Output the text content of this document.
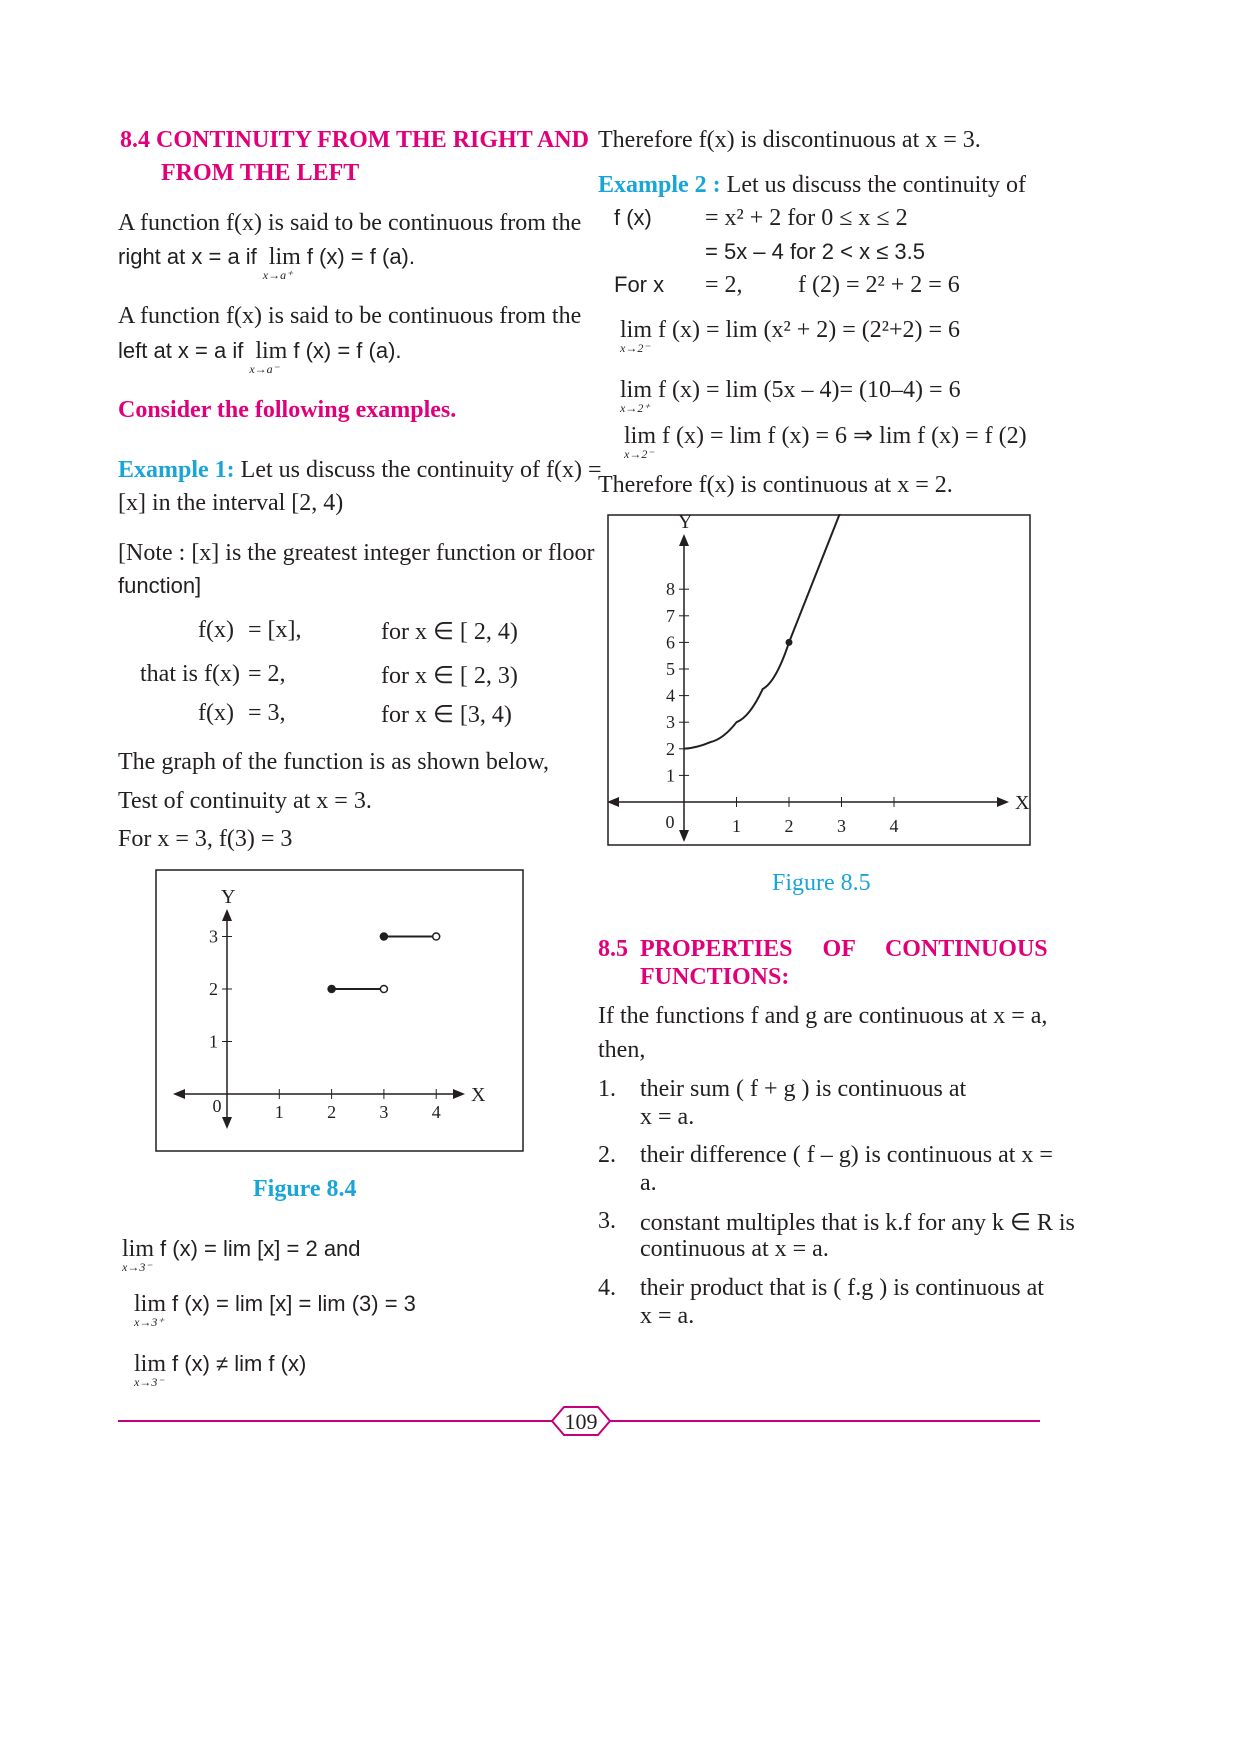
8.4 CONTINUITY FROM THE RIGHT AND
FROM THE LEFT
A function f(x) is said to be continuous from the
right at x = a if  lim
x→a⁺
f (x) = f (a).
A function f(x) is said to be continuous from the
left at x = a if  lim
x→a⁻
f (x) = f (a).
Consider the following examples.
Example 1: Let us discuss the continuity of f(x) =
[x] in the interval [2, 4)
[Note : [x] is the greatest integer function or floor
function]
f(x) = [x],	for x ∈ [ 2, 4)
that is f(x) = 2,	for x ∈ [ 2, 3)
f(x) = 3,	for x ∈ [3, 4)
The graph of the function is as shown below,
Test of continuity at x = 3.
For x = 3, f(3) = 3
X
Y
0	1 2 3 4
1
2
3
Figure 8.4
lim
x→3⁻
f (x) = lim [x] = 2 and
lim
x→3⁺
f (x) = lim [x] = lim (3) = 3
lim
x→3⁻
f (x) ≠ lim f (x)
Therefore f(x) is discontinuous at x = 3.
Example 2 : Let us discuss the continuity of
f (x) = x² + 2 for 0 ≤ x ≤ 2
= 5x – 4 for 2 < x ≤ 3.5
For x = 2, f (2) = 2² + 2 = 6
lim
x→2⁻
f (x) = lim (x² + 2) = (2²+2) = 6
lim
x→2⁺
f (x) = lim (5x – 4)= (10–4) = 6
lim
x→2⁻
f (x) = lim f (x) = 6 ⇒ lim f (x) = f (2)
Therefore f(x) is continuous at x = 2.
X
Y
0	1 2 3 4
1
2
3
4
5
6
7
8
Figure 8.5
8.5  PROPERTIES     OF     CONTINUOUS
FUNCTIONS:
If the functions f and g are continuous at x = a,
then,
1. their sum ( f + g ) is continuous at
x = a.
2. their difference ( f – g) is continuous at x =
a.
3. constant multiples that is k.f for any k ∈ R is
continuous at x = a.
4. their product that is ( f.g ) is continuous at
x = a.
109
